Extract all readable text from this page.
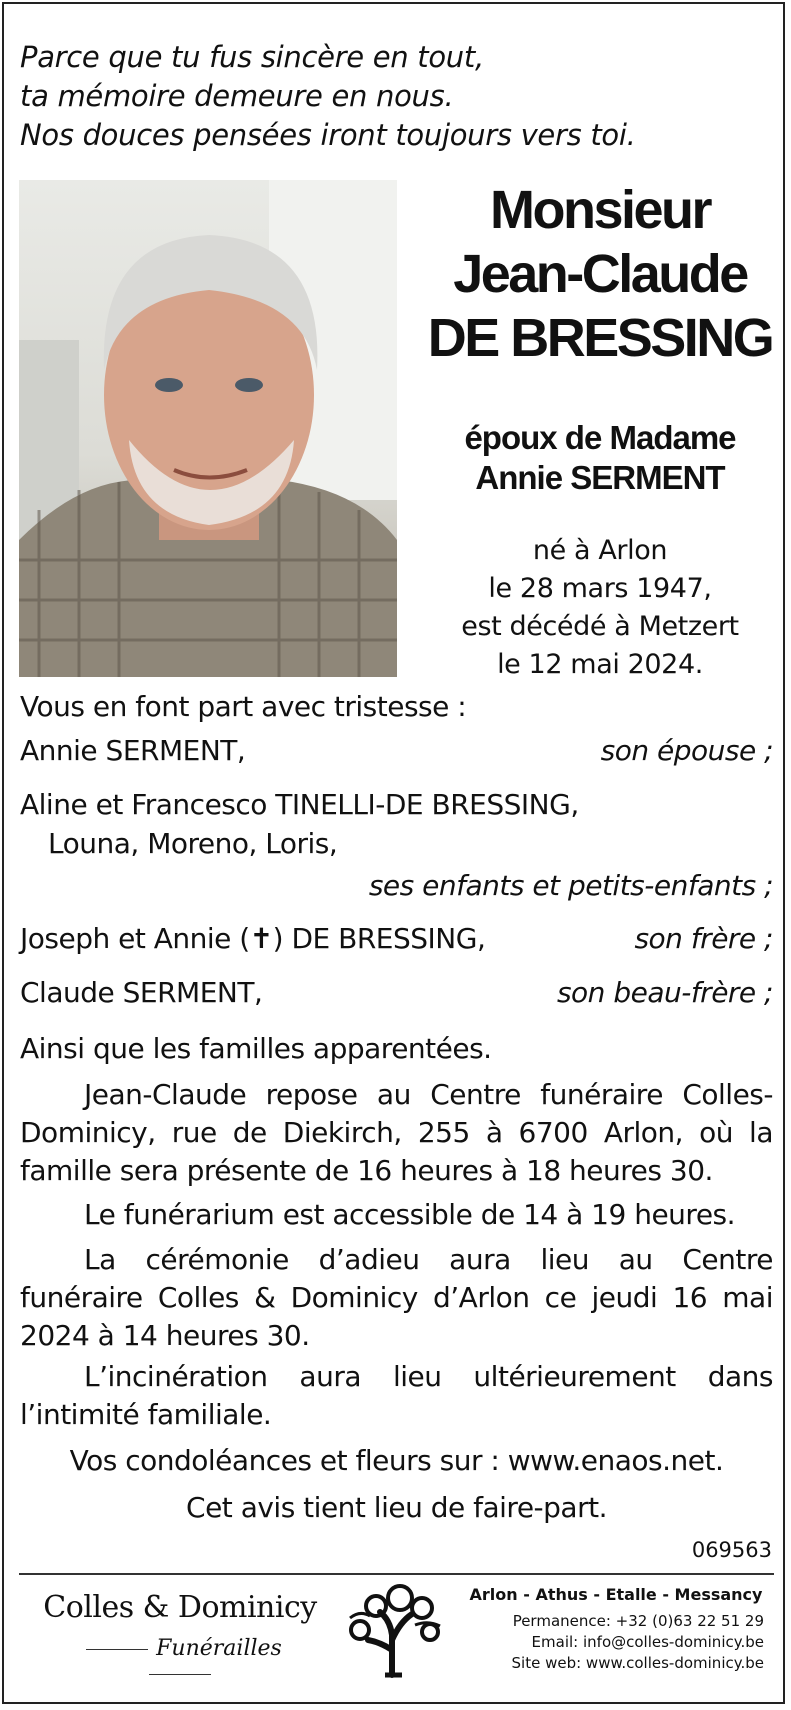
Parce que tu fus sincère en tout,
ta mémoire demeure en nous.
Nos douces pensées iront toujours vers toi.
Monsieur
Jean-Claude
DE BRESSING
époux de Madame
Annie SERMENT
né à Arlon
le 28 mars 1947,
est décédé à Metzert
le 12 mai 2024.
Vous en font part avec tristesse :
Annie SERMENT,	son épouse ;
Aline et Francesco TINELLI-DE BRESSING,
Louna, Moreno, Loris,
ses enfants et petits-enfants ;
Joseph et Annie (✝) DE BRESSING,	son frère ;
Claude SERMENT,	son beau-frère ;
Ainsi que les familles apparentées.
Jean-Claude repose au Centre funéraire Colles-Dominicy, rue de Diekirch, 255 à 6700 Arlon, où la famille sera présente de 16 heures à 18 heures 30.
Le funérarium est accessible de 14 à 19 heures.
La cérémonie d’adieu aura lieu au Centre funéraire Colles & Dominicy d’Arlon ce jeudi 16 mai 2024 à 14 heures 30.
L’incinération aura lieu ultérieurement dans l’intimité familiale.
Vos condoléances et fleurs sur : www.enaos.net.
Cet avis tient lieu de faire-part.
069563
Colles & Dominicy
Funérailles
Arlon - Athus - Etalle - Messancy
Permanence: +32 (0)63 22 51 29
Email: info@colles-dominicy.be
Site web: www.colles-dominicy.be
